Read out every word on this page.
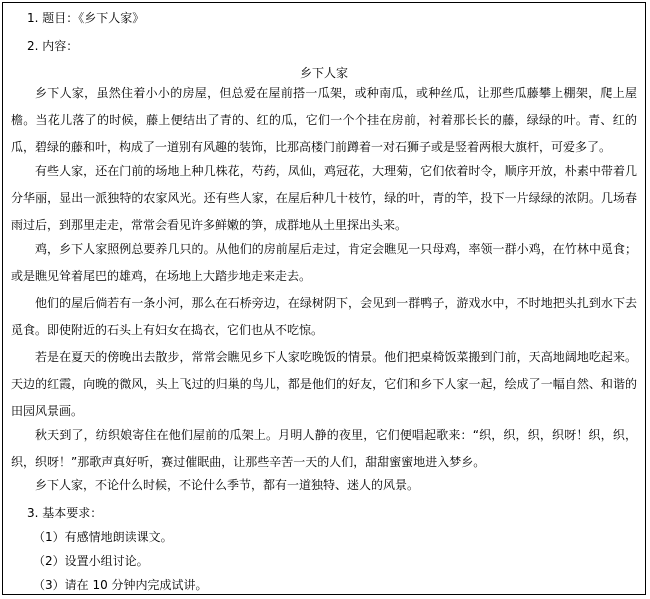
1. 题目：《乡下人家》
2. 内容：
乡下人家
乡下人家，虽然住着小小的房屋，但总爱在屋前搭一瓜架，或种南瓜，或种丝瓜，让那些瓜藤攀上棚架，爬上屋檐。当花儿落了的时候，藤上便结出了青的、红的瓜，它们一个个挂在房前，衬着那长长的藤，绿绿的叶。青、红的瓜，碧绿的藤和叶，构成了一道别有风趣的装饰，比那高楼门前蹲着一对石狮子或是竖着两根大旗杆，可爱多了。
有些人家，还在门前的场地上种几株花，芍药，凤仙，鸡冠花，大理菊，它们依着时令，顺序开放，朴素中带着几分华丽，显出一派独特的农家风光。还有些人家，在屋后种几十枝竹，绿的叶，青的竿，投下一片绿绿的浓阴。几场春雨过后，到那里走走，常常会看见许多鲜嫩的笋，成群地从土里探出头来。
鸡，乡下人家照例总要养几只的。从他们的房前屋后走过，肯定会瞧见一只母鸡，率领一群小鸡，在竹林中觅食；或是瞧见耸着尾巴的雄鸡，在场地上大踏步地走来走去。
他们的屋后倘若有一条小河，那么在石桥旁边，在绿树阴下，会见到一群鸭子，游戏水中，不时地把头扎到水下去觅食。即使附近的石头上有妇女在捣衣，它们也从不吃惊。
若是在夏天的傍晚出去散步，常常会瞧见乡下人家吃晚饭的情景。他们把桌椅饭菜搬到门前，天高地阔地吃起来。天边的红霞，向晚的微风，头上飞过的归巢的鸟儿，都是他们的好友，它们和乡下人家一起，绘成了一幅自然、和谐的田园风景画。
秋天到了，纺织娘寄住在他们屋前的瓜架上。月明人静的夜里，它们便唱起歌来：“织，织，织，织呀！织，织，织，织呀！”那歌声真好听，赛过催眠曲，让那些辛苦一天的人们，甜甜蜜蜜地进入梦乡。
乡下人家，不论什么时候，不论什么季节，都有一道独特、迷人的风景。
3. 基本要求：
（1）有感情地朗读课文。
（2）设置小组讨论。
（3）请在 10 分钟内完成试讲。
